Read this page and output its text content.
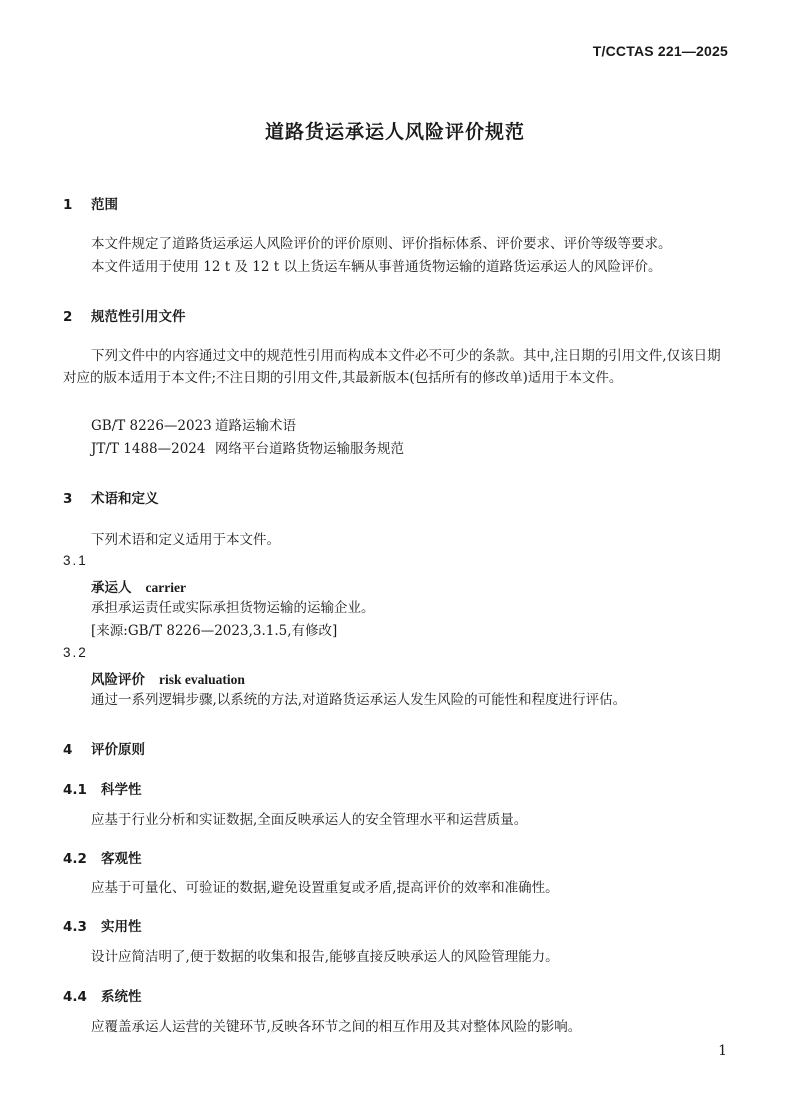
T/CCTAS 221—2025
道路货运承运人风险评价规范
1 范围
本文件规定了道路货运承运人风险评价的评价原则、评价指标体系、评价要求、评价等级等要求。
本文件适用于使用 12 t 及 12 t 以上货运车辆从事普通货物运输的道路货运承运人的风险评价。
2 规范性引用文件
下列文件中的内容通过文中的规范性引用而构成本文件必不可少的条款。其中,注日期的引用文件,仅该日期对应的版本适用于本文件;不注日期的引用文件,其最新版本(包括所有的修改单)适用于本文件。
GB/T 8226—2023 道路运输术语
JT/T 1488—2024 网络平台道路货物运输服务规范
3 术语和定义
下列术语和定义适用于本文件。
3.1
承运人 carrier
承担承运责任或实际承担货物运输的运输企业。
[来源:GB/T 8226—2023,3.1.5,有修改]
3.2
风险评价 risk evaluation
通过一系列逻辑步骤,以系统的方法,对道路货运承运人发生风险的可能性和程度进行评估。
4 评价原则
4.1 科学性
应基于行业分析和实证数据,全面反映承运人的安全管理水平和运营质量。
4.2 客观性
应基于可量化、可验证的数据,避免设置重复或矛盾,提高评价的效率和准确性。
4.3 实用性
设计应简洁明了,便于数据的收集和报告,能够直接反映承运人的风险管理能力。
4.4 系统性
应覆盖承运人运营的关键环节,反映各环节之间的相互作用及其对整体风险的影响。
1
